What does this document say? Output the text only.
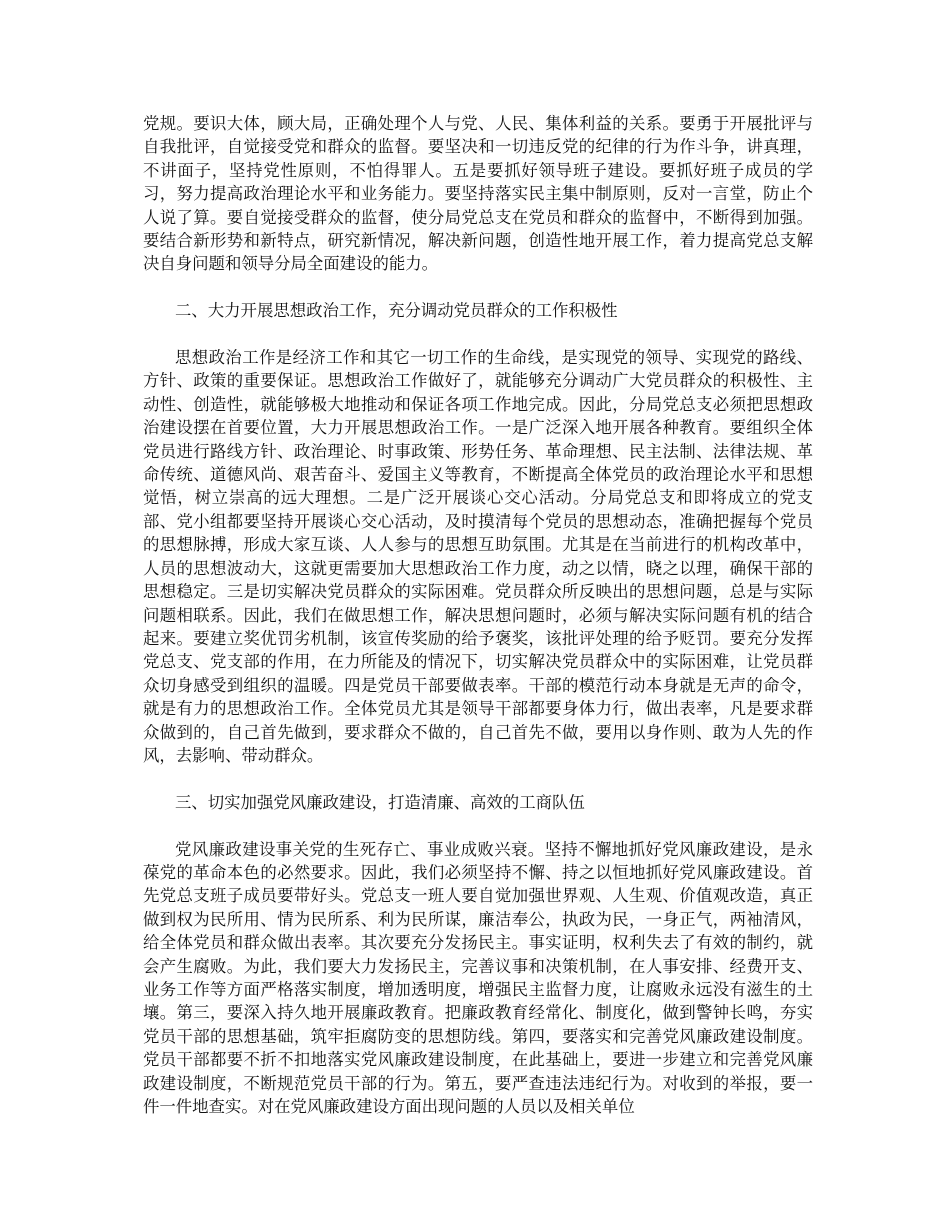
党规。要识大体，顾大局，正确处理个人与党、人民、集体利益的关系。要勇于开展批评与自我批评，自觉接受党和群众的监督。要坚决和一切违反党的纪律的行为作斗争，讲真理，不讲面子，坚持党性原则，不怕得罪人。五是要抓好领导班子建设。要抓好班子成员的学习，努力提高政治理论水平和业务能力。要坚持落实民主集中制原则，反对一言堂，防止个人说了算。要自觉接受群众的监督，使分局党总支在党员和群众的监督中，不断得到加强。要结合新形势和新特点，研究新情况，解决新问题，创造性地开展工作，着力提高党总支解决自身问题和领导分局全面建设的能力。

二、大力开展思想政治工作，充分调动党员群众的工作积极性

思想政治工作是经济工作和其它一切工作的生命线，是实现党的领导、实现党的路线、方针、政策的重要保证。思想政治工作做好了，就能够充分调动广大党员群众的积极性、主动性、创造性，就能够极大地推动和保证各项工作地完成。因此，分局党总支必须把思想政治建设摆在首要位置，大力开展思想政治工作。一是广泛深入地开展各种教育。要组织全体党员进行路线方针、政治理论、时事政策、形势任务、革命理想、民主法制、法律法规、革命传统、道德风尚、艰苦奋斗、爱国主义等教育，不断提高全体党员的政治理论水平和思想觉悟，树立崇高的远大理想。二是广泛开展谈心交心活动。分局党总支和即将成立的党支部、党小组都要坚持开展谈心交心活动，及时摸清每个党员的思想动态，准确把握每个党员的思想脉搏，形成大家互谈、人人参与的思想互助氛围。尤其是在当前进行的机构改革中，人员的思想波动大，这就更需要加大思想政治工作力度，动之以情，晓之以理，确保干部的思想稳定。三是切实解决党员群众的实际困难。党员群众所反映出的思想问题，总是与实际问题相联系。因此，我们在做思想工作，解决思想问题时，必须与解决实际问题有机的结合起来。要建立奖优罚劣机制，该宣传奖励的给予褒奖，该批评处理的给予贬罚。要充分发挥党总支、党支部的作用，在力所能及的情况下，切实解决党员群众中的实际困难，让党员群众切身感受到组织的温暖。四是党员干部要做表率。干部的模范行动本身就是无声的命令，就是有力的思想政治工作。全体党员尤其是领导干部都要身体力行，做出表率，凡是要求群众做到的，自己首先做到，要求群众不做的，自己首先不做，要用以身作则、敢为人先的作风，去影响、带动群众。

三、切实加强党风廉政建设，打造清廉、高效的工商队伍

党风廉政建设事关党的生死存亡、事业成败兴衰。坚持不懈地抓好党风廉政建设，是永葆党的革命本色的必然要求。因此，我们必须坚持不懈、持之以恒地抓好党风廉政建设。首先党总支班子成员要带好头。党总支一班人要自觉加强世界观、人生观、价值观改造，真正做到权为民所用、情为民所系、利为民所谋，廉洁奉公，执政为民，一身正气，两袖清风，给全体党员和群众做出表率。其次要充分发扬民主。事实证明，权利失去了有效的制约，就会产生腐败。为此，我们要大力发扬民主，完善议事和决策机制，在人事安排、经费开支、业务工作等方面严格落实制度，增加透明度，增强民主监督力度，让腐败永远没有滋生的土壤。第三，要深入持久地开展廉政教育。把廉政教育经常化、制度化，做到警钟长鸣，夯实党员干部的思想基础，筑牢拒腐防变的思想防线。第四，要落实和完善党风廉政建设制度。党员干部都要不折不扣地落实党风廉政建设制度，在此基础上，要进一步建立和完善党风廉政建设制度，不断规范党员干部的行为。第五，要严查违法违纪行为。对收到的举报，要一件一件地查实。对在党风廉政建设方面出现问题的人员以及相关单位
